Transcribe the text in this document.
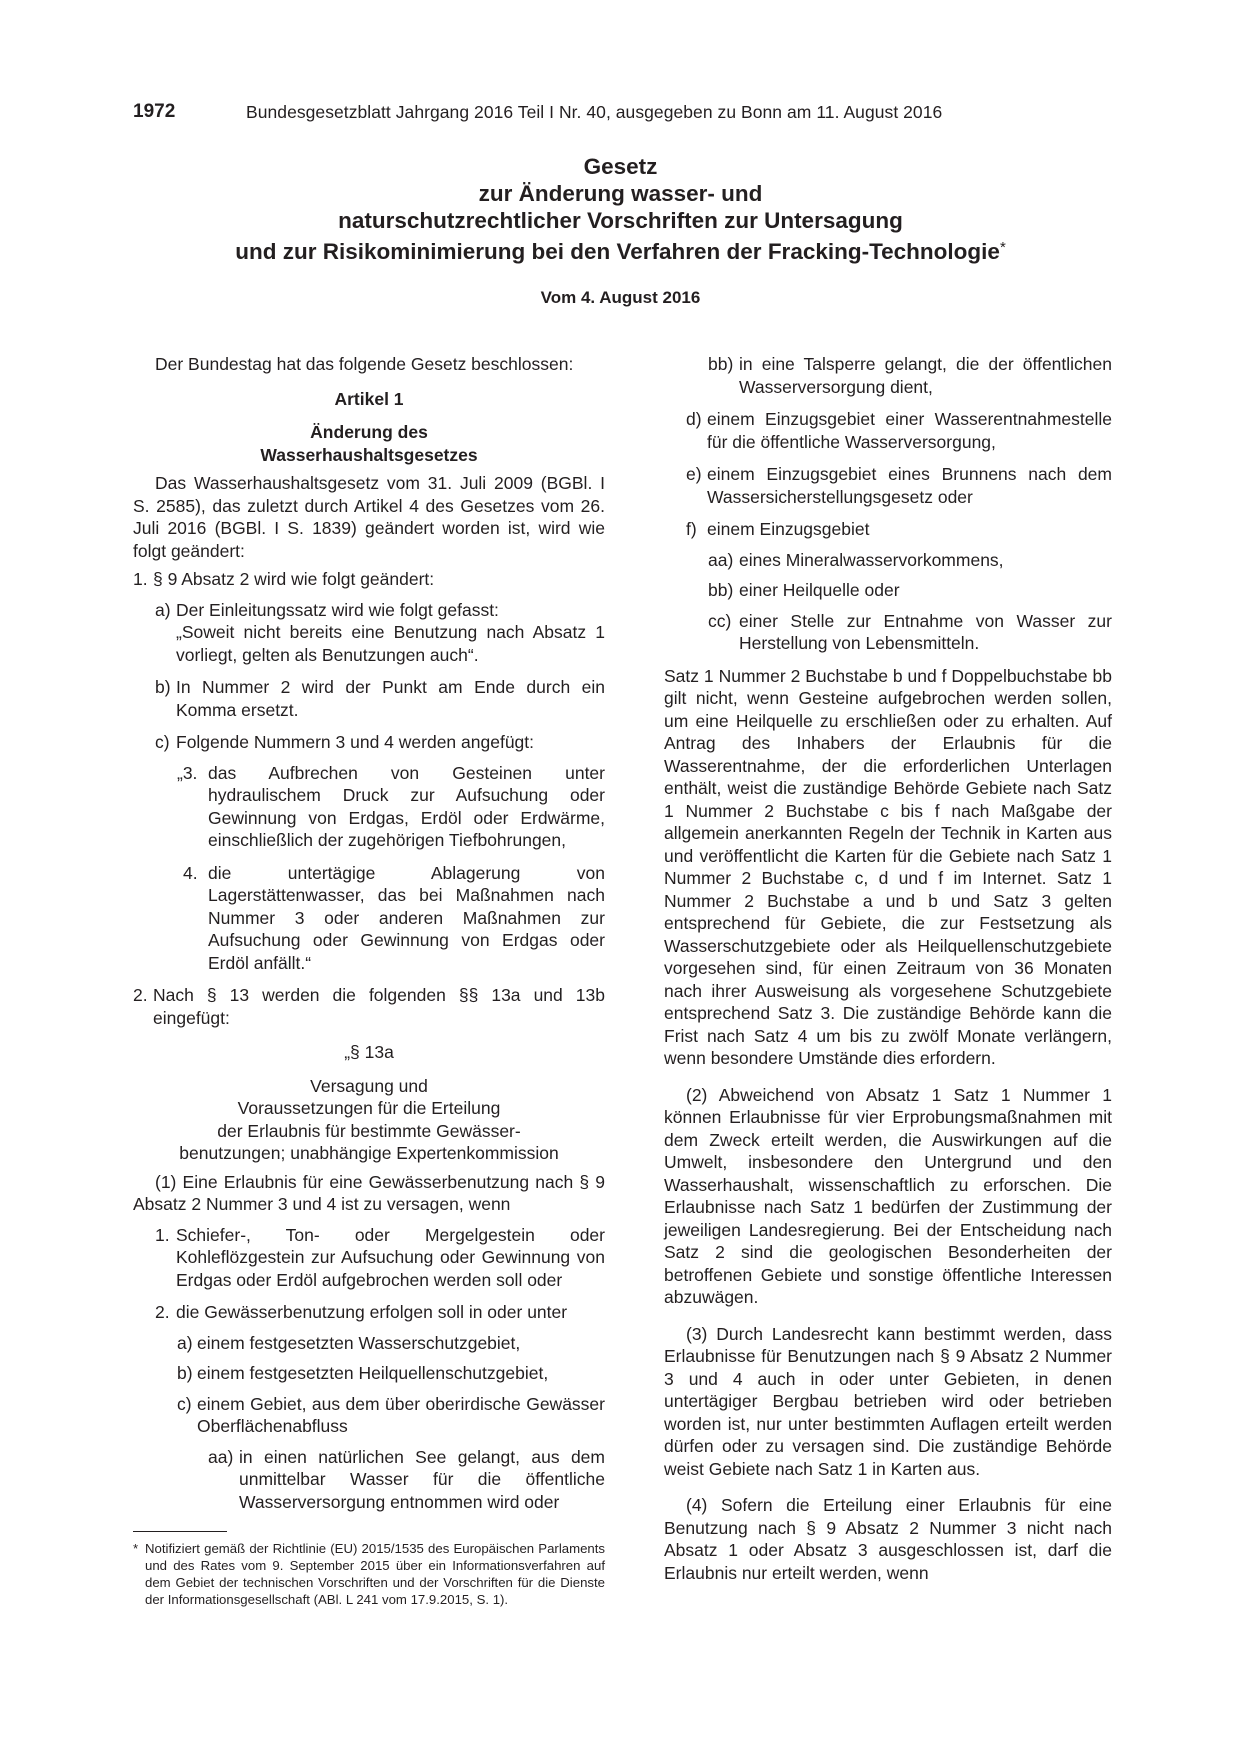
1972	Bundesgesetzblatt Jahrgang 2016 Teil I Nr. 40, ausgegeben zu Bonn am 11. August 2016
Gesetz
zur Änderung wasser- und
naturschutzrechtlicher Vorschriften zur Untersagung
und zur Risikominimierung bei den Verfahren der Fracking-Technologie*
Vom 4. August 2016

Der Bundestag hat das folgende Gesetz beschlossen:

Artikel 1

Änderung des

Wasserhaushaltsgesetzes

Das Wasserhaushaltsgesetz vom 31. Juli 2009 (BGBl. I S. 2585), das zuletzt durch Artikel 4 des Gesetzes vom 26. Juli 2016 (BGBl. I S. 1839) geändert worden ist, wird wie folgt geändert:

1. § 9 Absatz 2 wird wie folgt geändert:

a) Der Einleitungssatz wird wie folgt gefasst:

„Soweit nicht bereits eine Benutzung nach Absatz 1 vorliegt, gelten als Benutzungen auch“.

b) In Nummer 2 wird der Punkt am Ende durch ein Komma ersetzt.

c) Folgende Nummern 3 und 4 werden angefügt:

„3. das Aufbrechen von Gesteinen unter hydraulischem Druck zur Aufsuchung oder Gewinnung von Erdgas, Erdöl oder Erdwärme, einschließlich der zugehörigen Tiefbohrungen,

4. die untertägige Ablagerung von Lagerstättenwasser, das bei Maßnahmen nach Nummer 3 oder anderen Maßnahmen zur Aufsuchung oder Gewinnung von Erdgas oder Erdöl anfällt.“

2. Nach § 13 werden die folgenden §§ 13a und 13b eingefügt:

„§ 13a

Versagung und

Voraussetzungen für die Erteilung

der Erlaubnis für bestimmte Gewässer-

benutzungen; unabhängige Expertenkommission

(1) Eine Erlaubnis für eine Gewässerbenutzung nach § 9 Absatz 2 Nummer 3 und 4 ist zu versagen, wenn

1. Schiefer-, Ton- oder Mergelgestein oder Kohleflözgestein zur Aufsuchung oder Gewinnung von Erdgas oder Erdöl aufgebrochen werden soll oder

2. die Gewässerbenutzung erfolgen soll in oder unter

a) einem festgesetzten Wasserschutzgebiet,

b) einem festgesetzten Heilquellenschutzgebiet,

c) einem Gebiet, aus dem über oberirdische Gewässer Oberflächenabfluss

aa) in einen natürlichen See gelangt, aus dem unmittelbar Wasser für die öffentliche Wasserversorgung entnommen wird oder

* Notifiziert gemäß der Richtlinie (EU) 2015/1535 des Europäischen Parlaments und des Rates vom 9. September 2015 über ein Informationsverfahren auf dem Gebiet der technischen Vorschriften und der Vorschriften für die Dienste der Informationsgesellschaft (ABl. L 241 vom 17.9.2015, S. 1).
bb) in eine Talsperre gelangt, die der öffentlichen Wasserversorgung dient,

d) einem Einzugsgebiet einer Wasserentnahmestelle für die öffentliche Wasserversorgung,

e) einem Einzugsgebiet eines Brunnens nach dem Wassersicherstellungsgesetz oder

f) einem Einzugsgebiet

aa) eines Mineralwasservorkommens,

bb) einer Heilquelle oder

cc) einer Stelle zur Entnahme von Wasser zur Herstellung von Lebensmitteln.

Satz 1 Nummer 2 Buchstabe b und f Doppelbuchstabe bb gilt nicht, wenn Gesteine aufgebrochen werden sollen, um eine Heilquelle zu erschließen oder zu erhalten. Auf Antrag des Inhabers der Erlaubnis für die Wasserentnahme, der die erforderlichen Unterlagen enthält, weist die zuständige Behörde Gebiete nach Satz 1 Nummer 2 Buchstabe c bis f nach Maßgabe der allgemein anerkannten Regeln der Technik in Karten aus und veröffentlicht die Karten für die Gebiete nach Satz 1 Nummer 2 Buchstabe c, d und f im Internet. Satz 1 Nummer 2 Buchstabe a und b und Satz 3 gelten entsprechend für Gebiete, die zur Festsetzung als Wasserschutzgebiete oder als Heilquellenschutzgebiete vorgesehen sind, für einen Zeitraum von 36 Monaten nach ihrer Ausweisung als vorgesehene Schutzgebiete entsprechend Satz 3. Die zuständige Behörde kann die Frist nach Satz 4 um bis zu zwölf Monate verlängern, wenn besondere Umstände dies erfordern.

(2) Abweichend von Absatz 1 Satz 1 Nummer 1 können Erlaubnisse für vier Erprobungsmaßnahmen mit dem Zweck erteilt werden, die Auswirkungen auf die Umwelt, insbesondere den Untergrund und den Wasserhaushalt, wissenschaftlich zu erforschen. Die Erlaubnisse nach Satz 1 bedürfen der Zustimmung der jeweiligen Landesregierung. Bei der Entscheidung nach Satz 2 sind die geologischen Besonderheiten der betroffenen Gebiete und sonstige öffentliche Interessen abzuwägen.

(3) Durch Landesrecht kann bestimmt werden, dass Erlaubnisse für Benutzungen nach § 9 Absatz 2 Nummer 3 und 4 auch in oder unter Gebieten, in denen untertägiger Bergbau betrieben wird oder betrieben worden ist, nur unter bestimmten Auflagen erteilt werden dürfen oder zu versagen sind. Die zuständige Behörde weist Gebiete nach Satz 1 in Karten aus.

(4) Sofern die Erteilung einer Erlaubnis für eine Benutzung nach § 9 Absatz 2 Nummer 3 nicht nach Absatz 1 oder Absatz 3 ausgeschlossen ist, darf die Erlaubnis nur erteilt werden, wenn
